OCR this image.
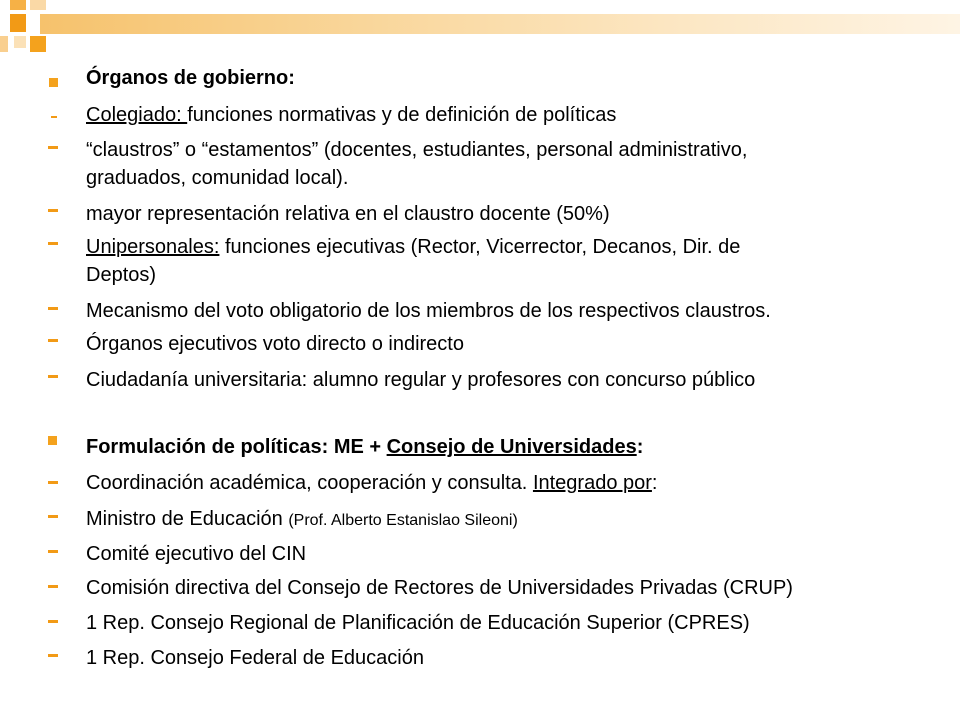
Órganos de gobierno:
Colegiado: funciones normativas y de definición de políticas
“claustros” o “estamentos” (docentes, estudiantes, personal administrativo,
graduados, comunidad local).
mayor representación relativa en el claustro docente (50%)
Unipersonales: funciones ejecutivas (Rector, Vicerrector, Decanos, Dir. de
Deptos)
Mecanismo del voto obligatorio de los miembros de los respectivos claustros.
Órganos ejecutivos voto directo o indirecto
Ciudadanía universitaria: alumno regular y profesores con concurso público
Formulación de políticas: ME + Consejo de Universidades:
Coordinación académica, cooperación y consulta. Integrado por:
Ministro de Educación (Prof. Alberto Estanislao Sileoni)
Comité ejecutivo del CIN
Comisión directiva del Consejo de Rectores de Universidades Privadas (CRUP)
1 Rep. Consejo Regional de Planificación de Educación Superior (CPRES)
1 Rep. Consejo Federal de Educación
